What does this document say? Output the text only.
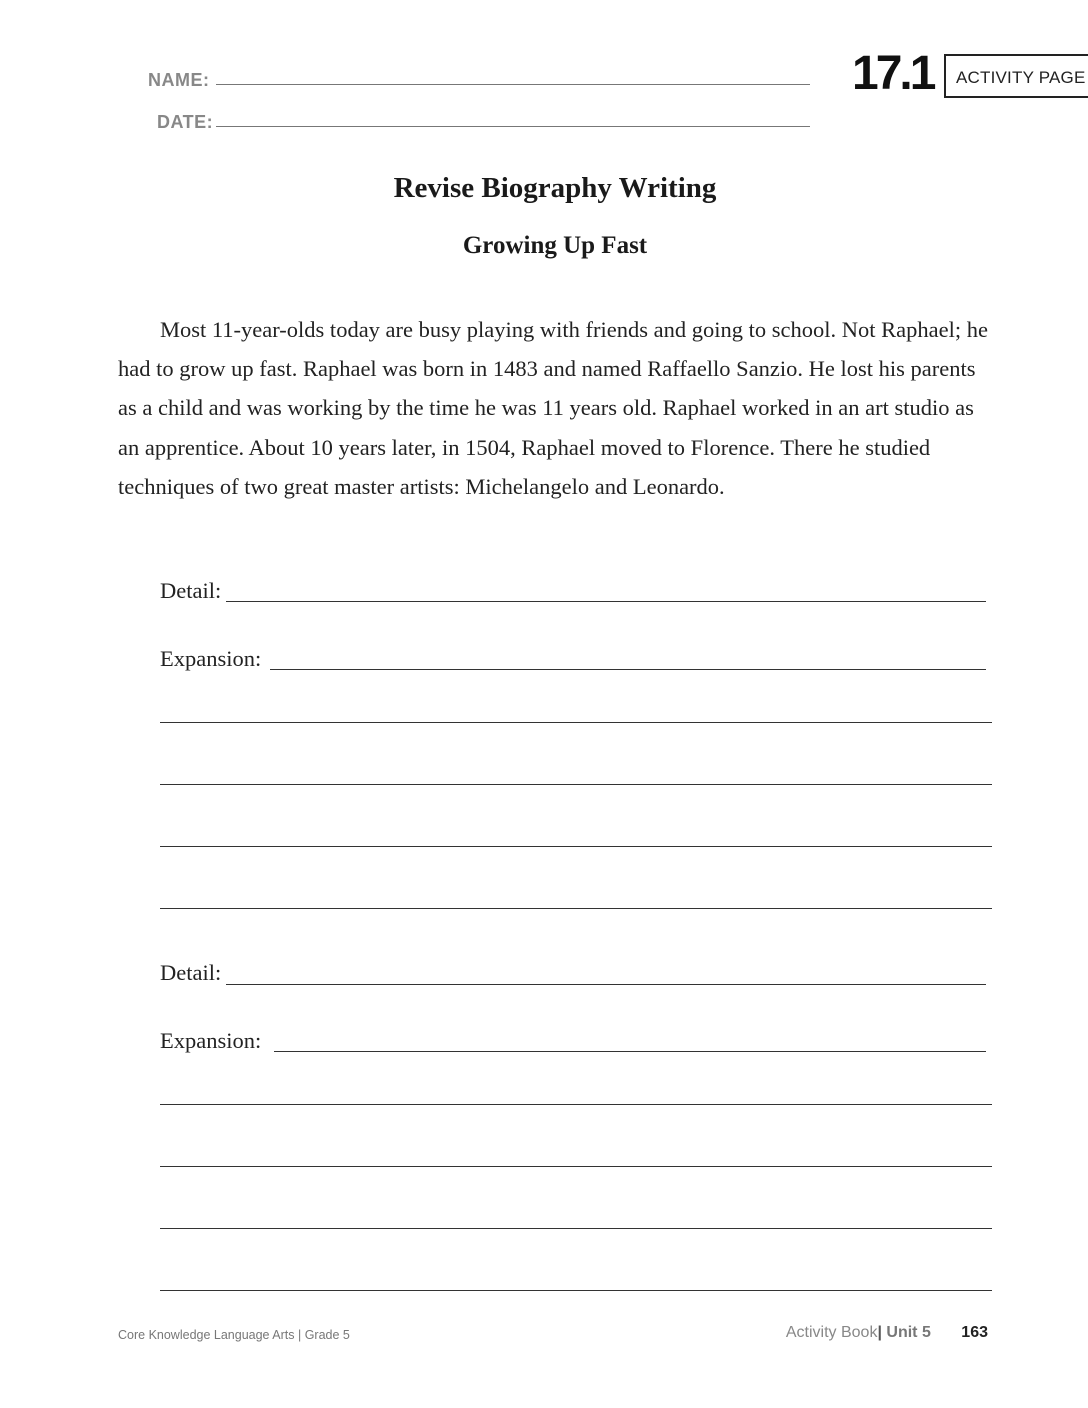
NAME:
DATE:
17.1	ACTIVITY PAGE
Revise Biography Writing
Growing Up Fast

Most 11-year-olds today are busy playing with friends and going to school. Not Raphael; he had to grow up fast. Raphael was born in 1483 and named Raffaello Sanzio. He lost his parents as a child and was working by the time he was 11 years old. Raphael worked in an art studio as an apprentice. About 10 years later, in 1504, Raphael moved to Florence. There he studied techniques of two great master artists: Michelangelo and Leonardo.

Detail:
Expansion:
Detail:
Expansion:
Core Knowledge Language Arts | Grade 5	Activity Book| Unit 5 163
